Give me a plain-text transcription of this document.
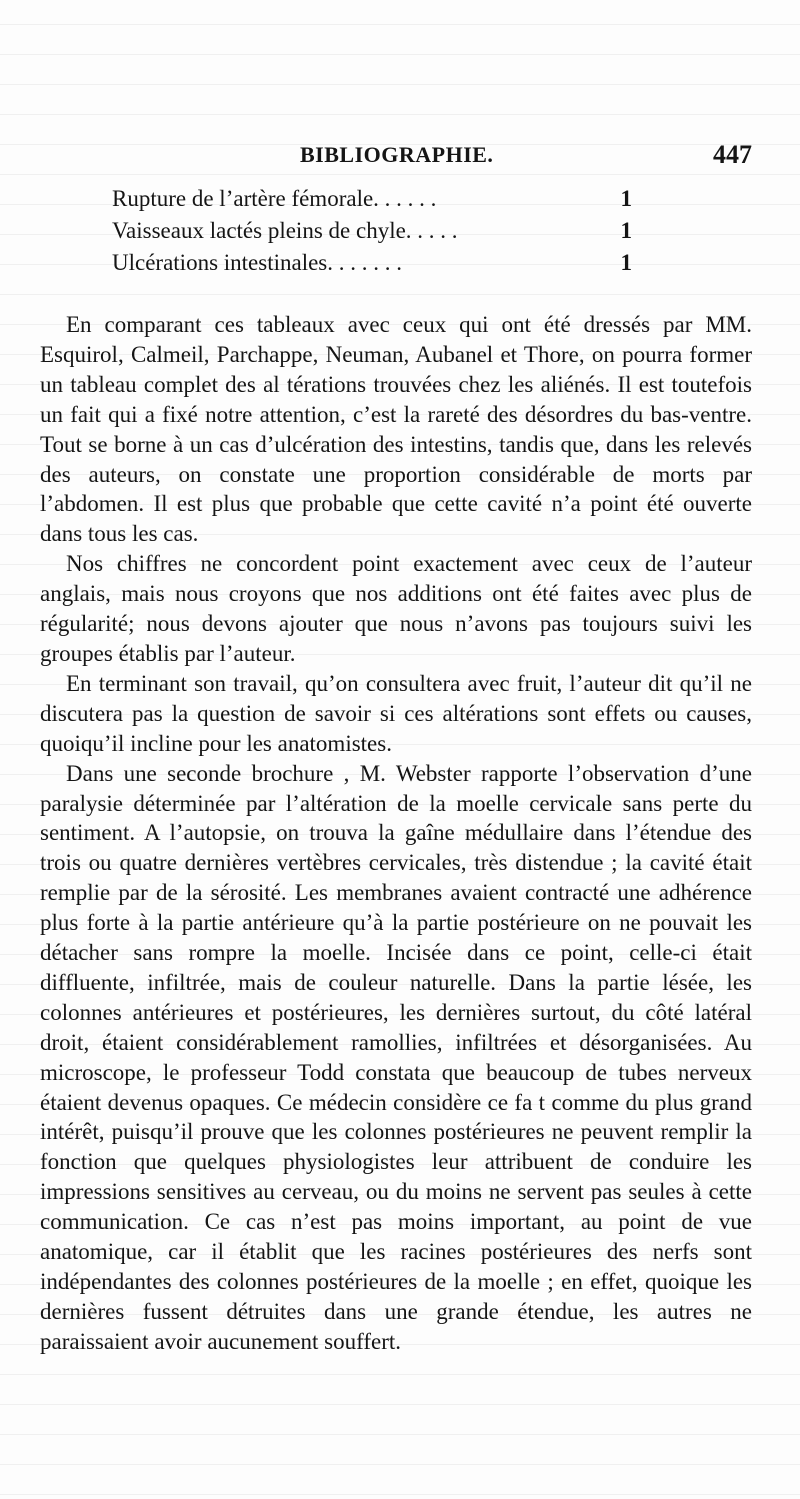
BIBLIOGRAPHIE.	447
Rupture de l’artère fémorale. . . . . .	1
Vaisseaux lactés pleins de chyle. . . . .	1
Ulcérations intestinales. . . . . . .	1

En comparant ces tableaux avec ceux qui ont été dressés par MM. Esquirol, Calmeil, Parchappe, Neuman, Aubanel et Thore, on pourra former un tableau complet des al térations trouvées chez les aliénés. Il est toutefois un fait qui a fixé notre attention, c’est la rareté des désordres du bas-ventre. Tout se borne à un cas d’ulcération des intestins, tandis que, dans les relevés des auteurs, on constate une proportion considérable de morts par l’abdomen. Il est plus que probable que cette cavité n’a point été ouverte dans tous les cas.

Nos chiffres ne concordent point exactement avec ceux de l’auteur anglais, mais nous croyons que nos additions ont été faites avec plus de régularité; nous devons ajouter que nous n’avons pas toujours suivi les groupes établis par l’auteur.

En terminant son travail, qu’on consultera avec fruit, l’auteur dit qu’il ne discutera pas la question de savoir si ces altérations sont effets ou causes, quoiqu’il incline pour les anatomistes.

Dans une seconde brochure , M. Webster rapporte l’observation d’une paralysie déterminée par l’altération de la moelle cervicale sans perte du sentiment. A l’autopsie, on trouva la gaîne médullaire dans l’étendue des trois ou quatre dernières vertèbres cervicales, très distendue ; la cavité était remplie par de la sérosité. Les membranes avaient contracté une adhérence plus forte à la partie antérieure qu’à la partie postérieure on ne pouvait les détacher sans rompre la moelle. Incisée dans ce point, celle-ci était diffluente, infiltrée, mais de couleur naturelle. Dans la partie lésée, les colonnes antérieures et postérieures, les dernières surtout, du côté latéral droit, étaient considérablement ramollies, infiltrées et désorganisées. Au microscope, le professeur Todd constata que beaucoup de tubes nerveux étaient devenus opaques. Ce médecin considère ce fa t comme du plus grand intérêt, puisqu’il prouve que les colonnes postérieures ne peuvent remplir la fonction que quelques physiologistes leur attribuent de conduire les impressions sensitives au cerveau, ou du moins ne servent pas seules à cette communication. Ce cas n’est pas moins important, au point de vue anatomique, car il établit que les racines postérieures des nerfs sont indépendantes des colonnes postérieures de la moelle ; en effet, quoique les dernières fussent détruites dans une grande étendue, les autres ne paraissaient avoir aucunement souffert.
